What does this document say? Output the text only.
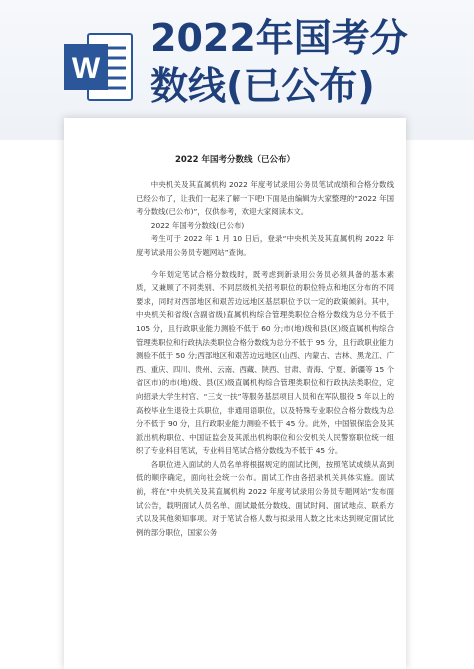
W
2022年国考分
数线(已公布)
2022 年国考分数线（已公布）

中央机关及其直属机构 2022 年度考试录用公务员笔试成绩和合格分数线已经公布了，让我们一起来了解一下吧!下面是由编辑为大家整理的“2022 年国考分数线(已公布)”，仅供参考，欢迎大家阅读本文。

2022 年国考分数线(已公布)

考生可于 2022 年 1 月 10 日后，登录“中央机关及其直属机构 2022 年度考试录用公务员专题网站”查询。

今年划定笔试合格分数线时，既考虑到新录用公务员必须具备的基本素质，又兼顾了不同类别、不同层级机关招考职位的职位特点和地区分布的不同要求，同时对西部地区和艰苦边远地区基层职位予以一定的政策倾斜。其中，中央机关和省级(含副省级)直属机构综合管理类职位合格分数线为总分不低于 105 分，且行政职业能力测验不低于 60 分;市(地)级和县(区)级直属机构综合管理类职位和行政执法类职位合格分数线为总分不低于 95 分，且行政职业能力测验不低于 50 分;西部地区和艰苦边远地区(山西、内蒙古、吉林、黑龙江、广西、重庆、四川、贵州、云南、西藏、陕西、甘肃、青海、宁夏、新疆等 15 个省区市)的市(地)级、县(区)级直属机构综合管理类职位和行政执法类职位，定向招录大学生村官、“三支一扶”等服务基层项目人员和在军队服役 5 年以上的高校毕业生退役士兵职位，非通用语职位，以及特殊专业职位合格分数线为总分不低于 90 分，且行政职业能力测验不低于 45 分。此外，中国银保监会及其派出机构职位、中国证监会及其派出机构职位和公安机关人民警察职位统一组织了专业科目笔试，专业科目笔试合格分数线为不低于 45 分。

各职位进入面试的人员名单将根据规定的面试比例，按照笔试成绩从高到低的顺序确定，面向社会统一公布。面试工作由各招录机关具体实施。面试前，将在“中央机关及其直属机构 2022 年度考试录用公务员专题网站”发布面试公告，载明面试人员名单、面试最低分数线、面试时间、面试地点、联系方式以及其他须知事项。对于笔试合格人数与拟录用人数之比未达到规定面试比例的部分职位，国家公务
